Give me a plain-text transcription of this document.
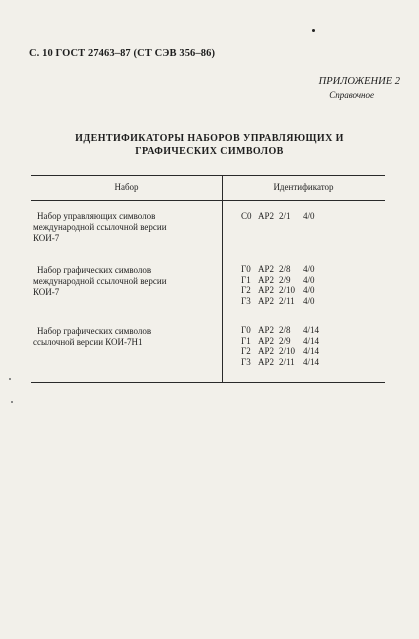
С. 10 ГОСТ 27463–87 (СТ СЭВ 356–86)
ПРИЛОЖЕНИЕ 2
Справочное
ИДЕНТИФИКАТОРЫ НАБОРОВ УПРАВЛЯЮЩИХ И
ГРАФИЧЕСКИХ СИМВОЛОВ
Набор	Идентификатор
Набор управляющих символов
международной ссылочной версии
КОИ-7
С0 АР2 2/1 4/0
Набор графических символов
международной ссылочной версии
КОИ-7
Г0 АР2 2/8 4/0
Г1 АР2 2/9 4/0
Г2 АР2 2/10 4/0
Г3 АР2 2/11 4/0
Набор графических символов
ссылочной версии КОИ-7Н1
Г0 АР2 2/8 4/14
Г1 АР2 2/9 4/14
Г2 АР2 2/10 4/14
Г3 АР2 2/11 4/14
